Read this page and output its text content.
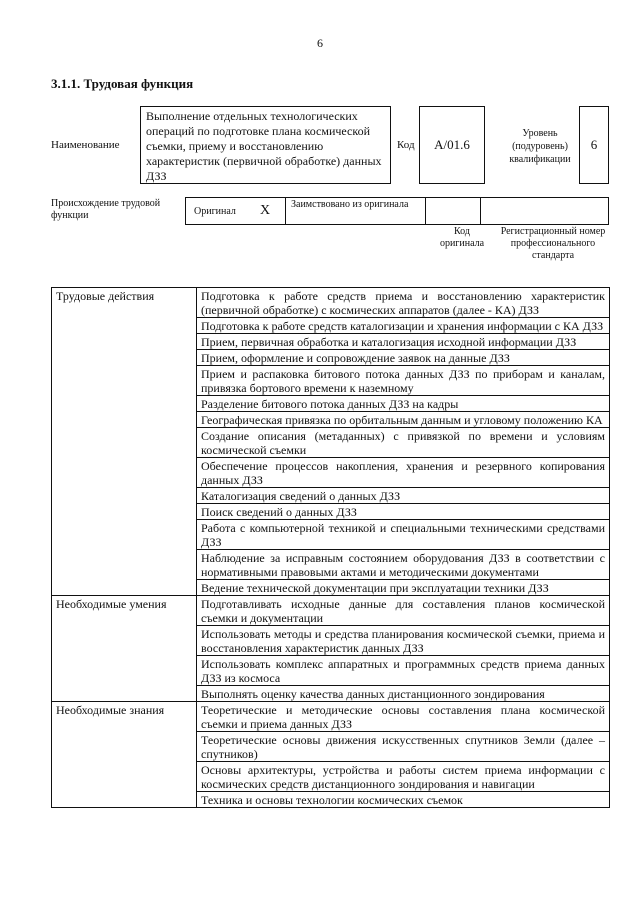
6
3.1.1. Трудовая функция
Наименование
Выполнение отдельных технологических операций по подготовке плана космической съемки, приему и восстановлению характеристик (первичной обработке) данных ДЗЗ
Код	А/01.6
Уровень (подуровень) квалификации
6
Происхождение трудовой функции	Оригинал X Заимствовано из оригинала
Код оригинала
Регистрационный номер профессионального стандарта
Трудовые действия	Подготовка к работе средств приема и восстановлению характеристик (первичной обработке) с космических аппаратов (далее - КА) ДЗЗ
	Подготовка к работе средств каталогизации и хранения информации с КА ДЗЗ
	Прием, первичная обработка и каталогизация исходной информации ДЗЗ
	Прием, оформление и сопровождение заявок на данные ДЗЗ
	Прием и распаковка битового потока данных ДЗЗ по приборам и каналам, привязка бортового времени к наземному
	Разделение битового потока данных ДЗЗ на кадры
	Географическая привязка по орбитальным данным и угловому положению КА
	Создание описания (метаданных) с привязкой по времени и условиям космической съемки
	Обеспечение процессов накопления, хранения и резервного копирования данных ДЗЗ
	Каталогизация сведений о данных ДЗЗ
	Поиск сведений о данных ДЗЗ
	Работа с компьютерной техникой и специальными техническими средствами ДЗЗ
	Наблюдение за исправным состоянием оборудования ДЗЗ в соответствии с нормативными правовыми актами и методическими документами
	Ведение технической документации при эксплуатации техники ДЗЗ
Необходимые умения	Подготавливать исходные данные для составления планов космической съемки и документации
	Использовать методы и средства планирования космической съемки, приема и восстановления характеристик данных ДЗЗ
	Использовать комплекс аппаратных и программных средств приема данных ДЗЗ из космоса
	Выполнять оценку качества данных дистанционного зондирования
Необходимые знания	Теоретические и методические основы составления плана космической съемки и приема данных ДЗЗ
	Теоретические основы движения искусственных спутников Земли (далее – спутников)
	Основы архитектуры, устройства и работы систем приема информации с космических средств дистанционного зондирования и навигации
	Техника и основы технологии космических съемок
